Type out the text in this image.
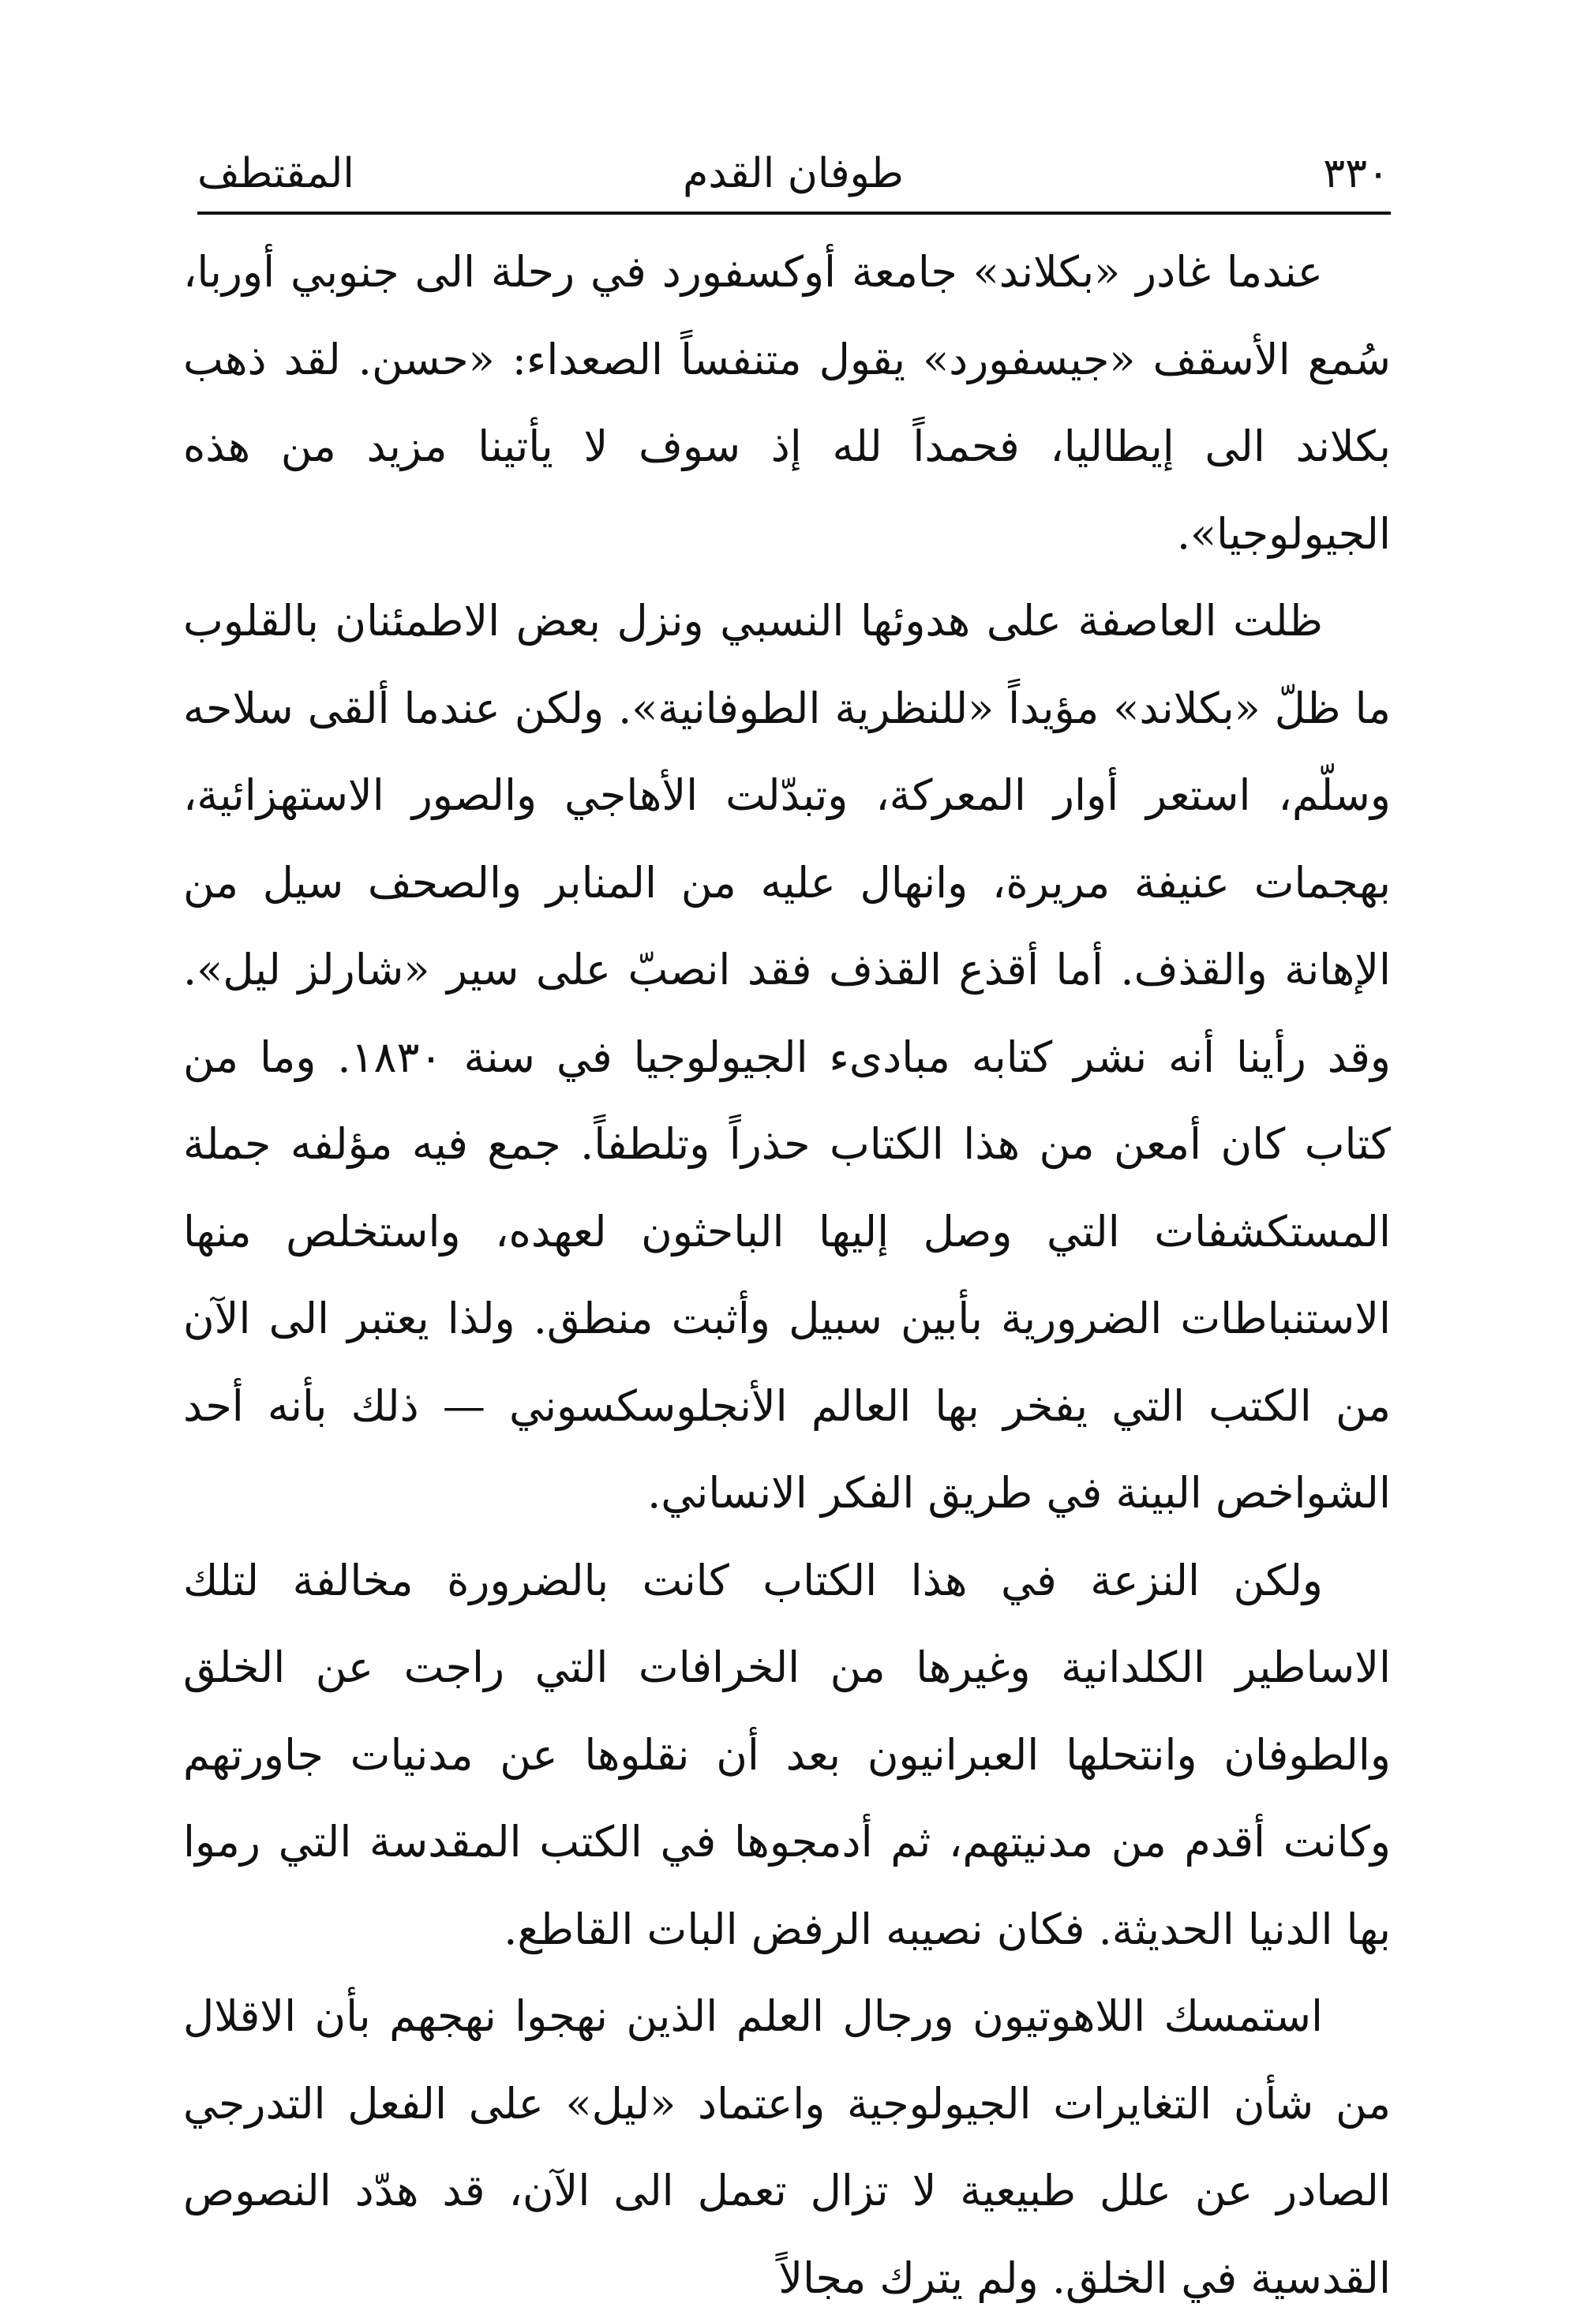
٣٣٠
طوفان القدم
المقتطف

عندما غادر «بكلاند» جامعة أوكسفورد في رحلة الى جنوبي أوربا، سُمع الأسقف «جيسفورد» يقول متنفساً الصعداء: «حسن. لقد ذهب بكلاند الى إيطاليا، فحمداً لله إذ سوف لا يأتينا مزيد من هذه الجيولوجيا».

ظلت العاصفة على هدوئها النسبي ونزل بعض الاطمئنان بالقلوب ما ظلّ «بكلاند» مؤيداً «للنظرية الطوفانية». ولكن عندما ألقى سلاحه وسلّم، استعر أوار المعركة، وتبدّلت الأهاجي والصور الاستهزائية، بهجمات عنيفة مريرة، وانهال عليه من المنابر والصحف سيل من الإهانة والقذف. أما أقذع القذف فقد انصبّ على سير «شارلز ليل». وقد رأينا أنه نشر كتابه مبادىء الجيولوجيا في سنة ١٨٣٠. وما من كتاب كان أمعن من هذا الكتاب حذراً وتلطفاً. جمع فيه مؤلفه جملة المستكشفات التي وصل إليها الباحثون لعهده، واستخلص منها الاستنباطات الضرورية بأبين سبيل وأثبت منطق. ولذا يعتبر الى الآن من الكتب التي يفخر بها العالم الأنجلوسكسوني — ذلك بأنه أحد الشواخص البينة في طريق الفكر الانساني.

ولكن النزعة في هذا الكتاب كانت بالضرورة مخالفة لتلك الاساطير الكلدانية وغيرها من الخرافات التي راجت عن الخلق والطوفان وانتحلها العبرانيون بعد أن نقلوها عن مدنيات جاورتهم وكانت أقدم من مدنيتهم، ثم أدمجوها في الكتب المقدسة التي رموا بها الدنيا الحديثة. فكان نصيبه الرفض البات القاطع.

استمسك اللاهوتيون ورجال العلم الذين نهجوا نهجهم بأن الاقلال من شأن التغايرات الجيولوجية واعتماد «ليل» على الفعل التدرجي الصادر عن علل طبيعية لا تزال تعمل الى الآن، قد هدّد النصوص القدسية في الخلق. ولم يترك مجالاً
